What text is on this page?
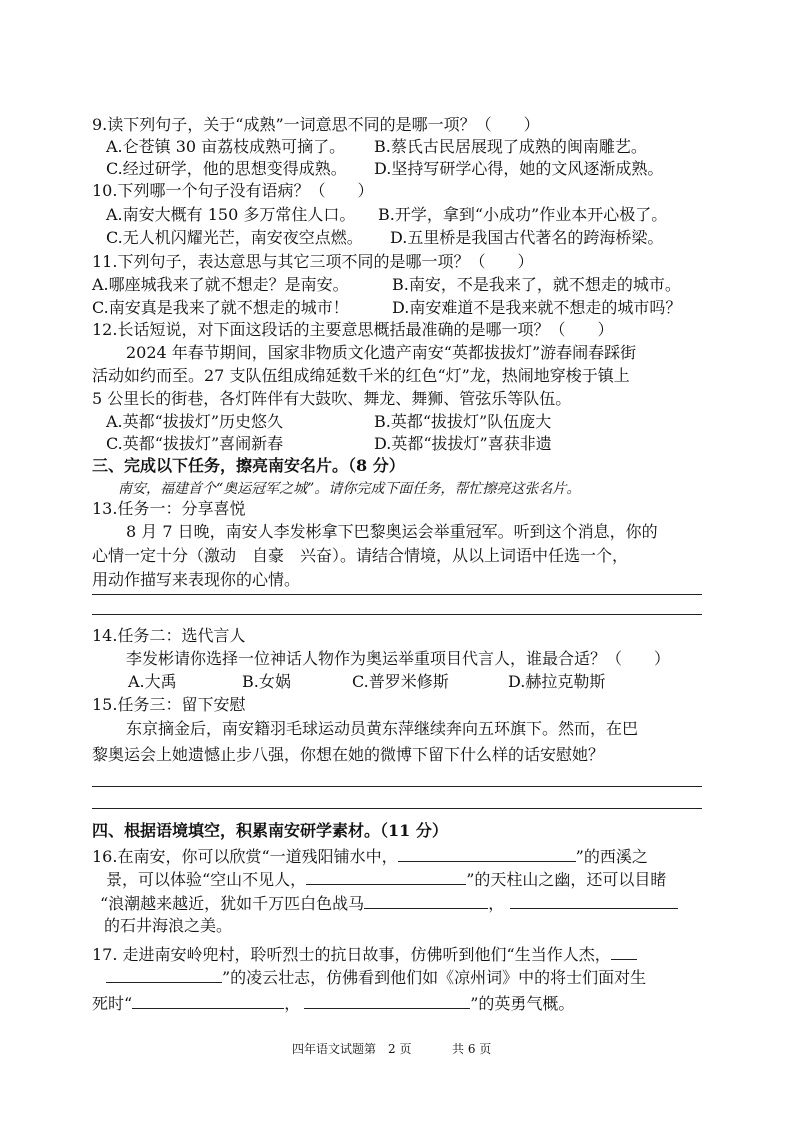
9.读下列句子，关于“成熟”一词意思不同的是哪一项？（　　）
A.仑苍镇 30 亩荔枝成熟可摘了。 B.蔡氏古民居展现了成熟的闽南雕艺。
C.经过研学，他的思想变得成熟。 D.坚持写研学心得，她的文风逐渐成熟。
10.下列哪一个句子没有语病？（　　）
A.南安大概有 150 多万常住人口。 B.开学，拿到“小成功”作业本开心极了。
C.无人机闪耀光芒，南安夜空点燃。 D.五里桥是我国古代著名的跨海桥梁。
11.下列句子，表达意思与其它三项不同的是哪一项？（　　）
A.哪座城我来了就不想走？是南安。	B.南安，不是我来了，就不想走的城市。
C.南安真是我来了就不想走的城市！	D.南安难道不是我来就不想走的城市吗？
12.长话短说，对下面这段话的主要意思概括最准确的是哪一项？（　　）
2024 年春节期间，国家非物质文化遗产南安“英都拔拔灯”游春闹春踩街
活动如约而至。27 支队伍组成绵延数千米的红色“灯”龙，热闹地穿梭于镇上
5 公里长的街巷，各灯阵伴有大鼓吹、舞龙、舞狮、管弦乐等队伍。
A.英都“拔拔灯”历史悠久	B.英都“拔拔灯”队伍庞大
C.英都“拔拔灯”喜闹新春	D.英都“拔拔灯”喜获非遗
三、完成以下任务，擦亮南安名片。（8 分）
南安，福建首个“奥运冠军之城”。请你完成下面任务，帮忙擦亮这张名片。
13.任务一：分享喜悦
8 月 7 日晚，南安人李发彬拿下巴黎奥运会举重冠军。听到这个消息，你的
心情一定十分（激动　自豪　兴奋）。请结合情境，从以上词语中任选一个，
用动作描写来表现你的心情。
14.任务二：选代言人
李发彬请你选择一位神话人物作为奥运举重项目代言人，谁最合适？（　　）
A.大禹	B.女娲	C.普罗米修斯	D.赫拉克勒斯
15.任务三：留下安慰
东京摘金后，南安籍羽毛球运动员黄东萍继续奔向五环旗下。然而，在巴
黎奥运会上她遗憾止步八强，你想在她的微博下留下什么样的话安慰她？
四、根据语境填空，积累南安研学素材。（11 分）
16.在南安，你可以欣赏“一道残阳铺水中，	”的西溪之
景，可以体验“空山不见人，	”的天柱山之幽，还可以目睹
“浪潮越来越近，犹如千万匹白色战马	，
的石井海浪之美。
17. 走进南安岭兜村，聆听烈士的抗日故事，仿佛听到他们“生当作人杰，
”的凌云壮志，仿佛看到他们如《凉州词》中的将士们面对生
死时“	，	”的英勇气概。
四年语文试题第　2 页	共 6 页
